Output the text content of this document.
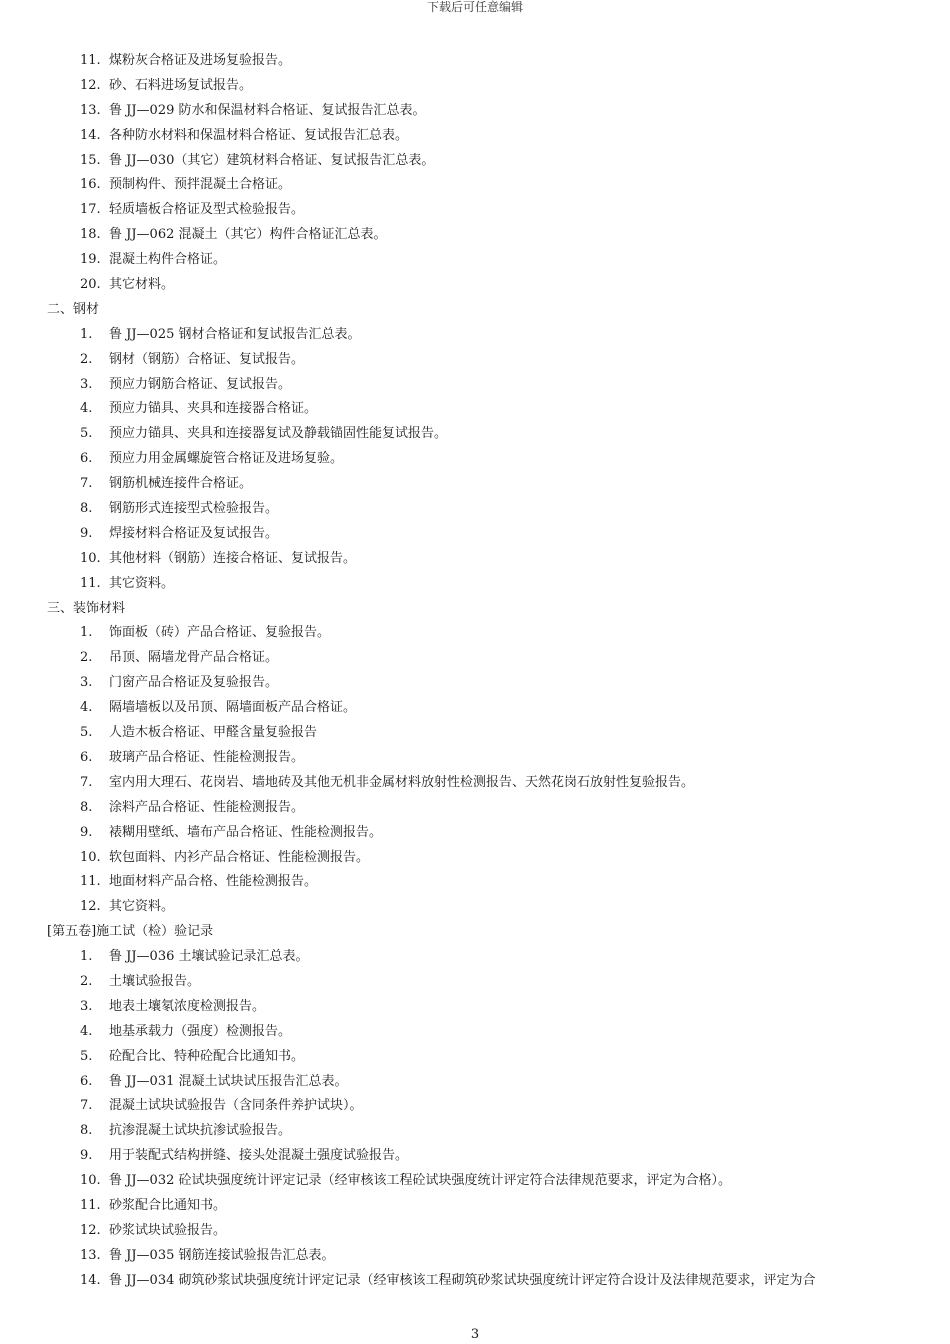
下载后可任意编辑
11. 煤粉灰合格证及进场复验报告。
12. 砂、石料进场复试报告。
13. 鲁 JJ—029 防水和保温材料合格证、复试报告汇总表。
14. 各种防水材料和保温材料合格证、复试报告汇总表。
15. 鲁 JJ—030（其它）建筑材料合格证、复试报告汇总表。
16. 预制构件、预拌混凝土合格证。
17. 轻质墙板合格证及型式检验报告。
18. 鲁 JJ—062 混凝土（其它）构件合格证汇总表。
19. 混凝土构件合格证。
20. 其它材料。
二、钢材
1. 鲁 JJ—025 钢材合格证和复试报告汇总表。
2. 钢材（钢筋）合格证、复试报告。
3. 预应力钢筋合格证、复试报告。
4. 预应力锚具、夹具和连接器合格证。
5. 预应力锚具、夹具和连接器复试及静载锚固性能复试报告。
6. 预应力用金属螺旋管合格证及进场复验。
7. 钢筋机械连接件合格证。
8. 钢筋形式连接型式检验报告。
9. 焊接材料合格证及复试报告。
10. 其他材料（钢筋）连接合格证、复试报告。
11. 其它资料。
三、装饰材料
1. 饰面板（砖）产品合格证、复验报告。
2. 吊顶、隔墙龙骨产品合格证。
3. 门窗产品合格证及复验报告。
4. 隔墙墙板以及吊顶、隔墙面板产品合格证。
5. 人造木板合格证、甲醛含量复验报告
6. 玻璃产品合格证、性能检测报告。
7. 室内用大理石、花岗岩、墙地砖及其他无机非金属材料放射性检测报告、天然花岗石放射性复验报告。
8. 涂料产品合格证、性能检测报告。
9. 裱糊用壁纸、墙布产品合格证、性能检测报告。
10. 软包面料、内衫产品合格证、性能检测报告。
11. 地面材料产品合格、性能检测报告。
12. 其它资料。
[第五卷]施工试（检）验记录
1. 鲁 JJ—036 土壤试验记录汇总表。
2. 土壤试验报告。
3. 地表土壤氡浓度检测报告。
4. 地基承载力（强度）检测报告。
5. 砼配合比、特种砼配合比通知书。
6. 鲁 JJ—031 混凝土试块试压报告汇总表。
7. 混凝土试块试验报告（含同条件养护试块）。
8. 抗渗混凝土试块抗渗试验报告。
9. 用于装配式结构拼缝、接头处混凝土强度试验报告。
10. 鲁 JJ—032 砼试块强度统计评定记录（经审核该工程砼试块强度统计评定符合法律规范要求，评定为合格）。
11. 砂浆配合比通知书。
12. 砂浆试块试验报告。
13. 鲁 JJ—035 钢筋连接试验报告汇总表。
14. 鲁 JJ—034 砌筑砂浆试块强度统计评定记录（经审核该工程砌筑砂浆试块强度统计评定符合设计及法律规范要求，评定为合
3
